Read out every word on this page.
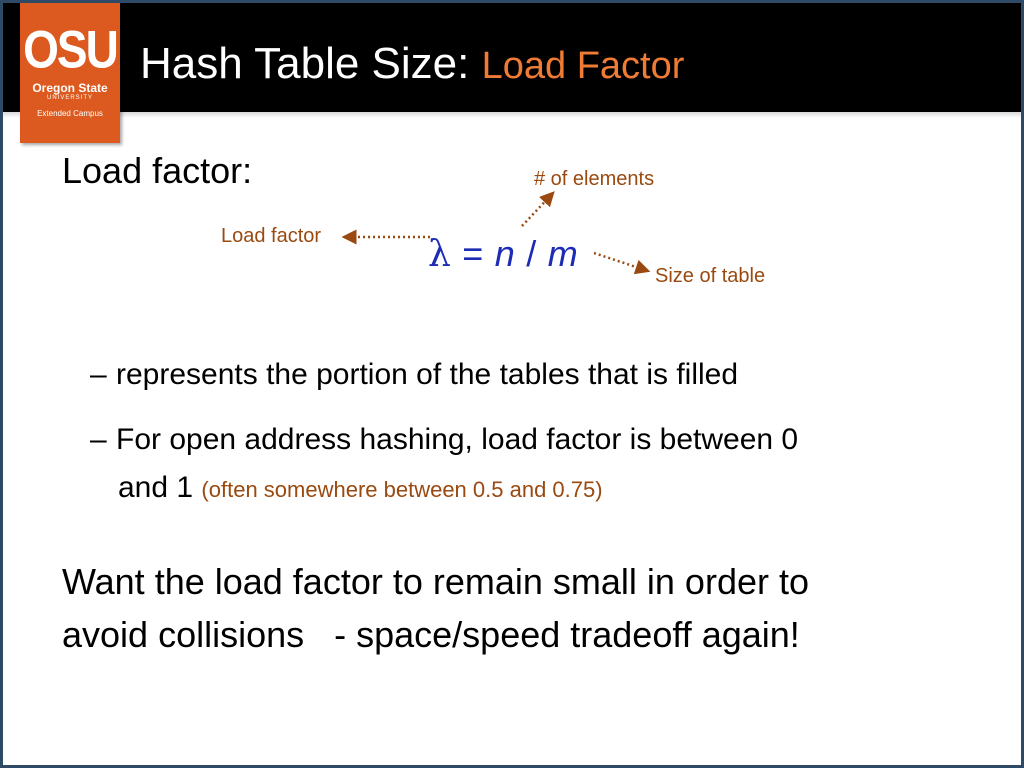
OSU
Oregon State
UNIVERSITY
Extended Campus
Hash Table Size: Load Factor
Load factor:	# of elements
Load factor
Size of table
λ = n / m
– represents the portion of the tables that is filled
– For open address hashing, load factor is between 0
and 1 (often somewhere between 0.5 and 0.75)
Want the load factor to remain small in order to
avoid collisions   - space/speed tradeoff again!
